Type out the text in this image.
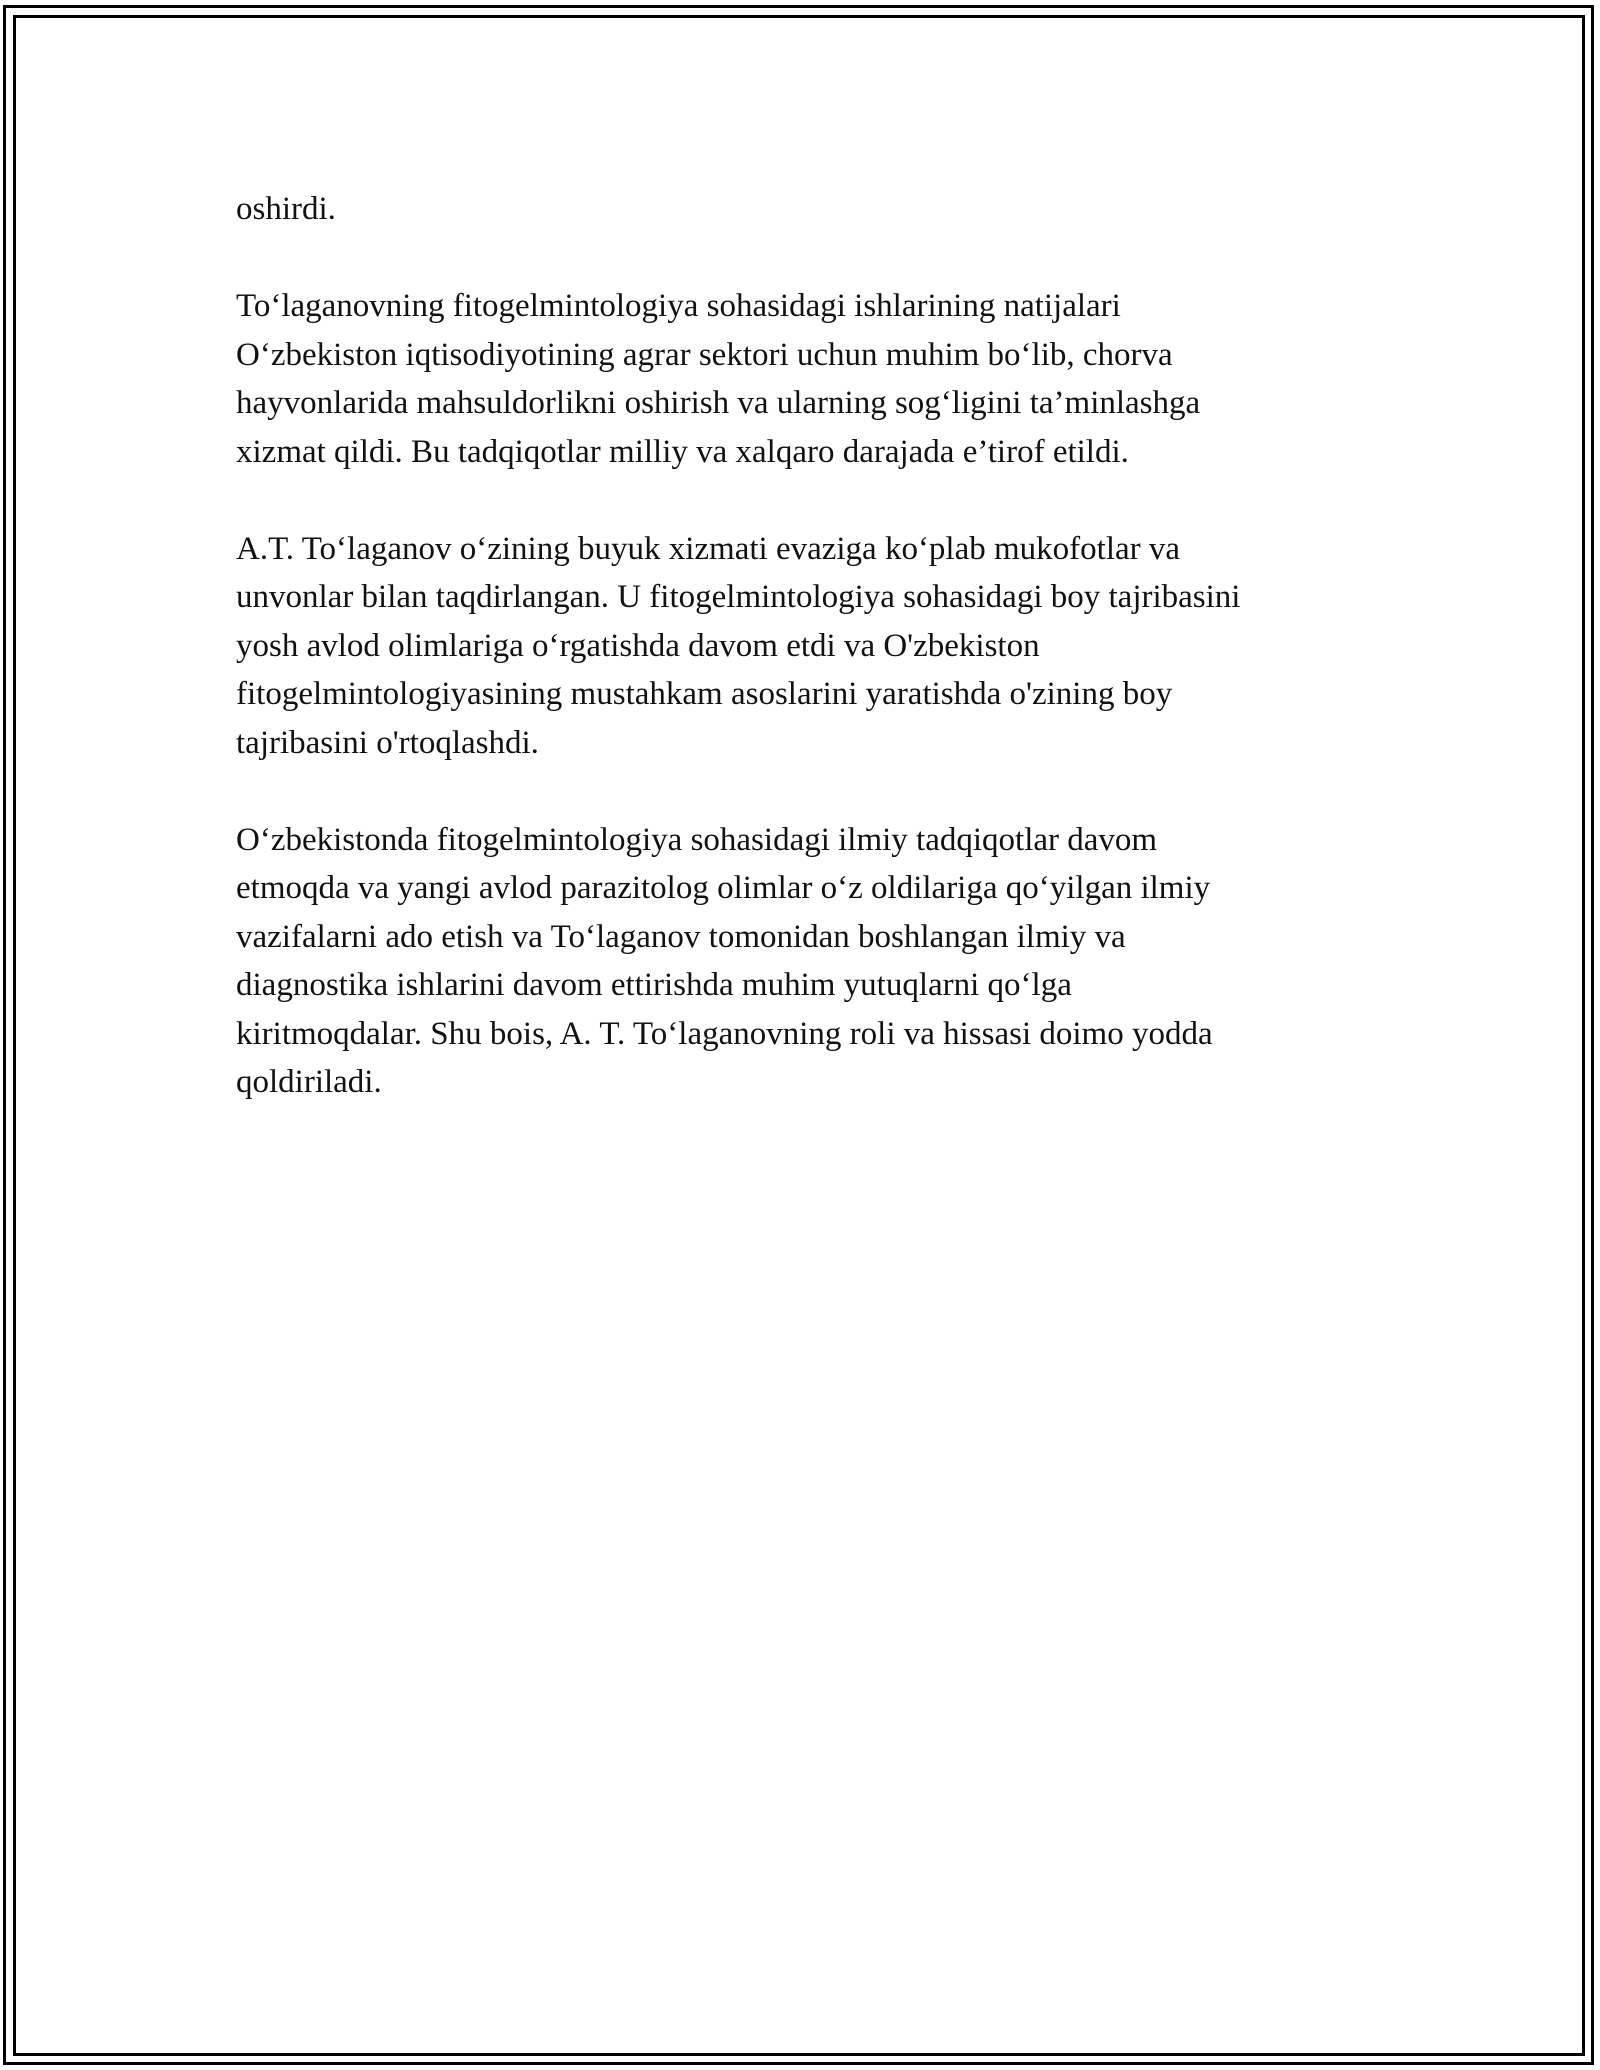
oshirdi.

To‘laganovning fitogelmintologiya sohasidagi ishlarining natijalari
O‘zbekiston iqtisodiyotining agrar sektori uchun muhim bo‘lib, chorva
hayvonlarida mahsuldorlikni oshirish va ularning sog‘ligini ta’minlashga
xizmat qildi. Bu tadqiqotlar milliy va xalqaro darajada e’tirof etildi.

A.T. To‘laganov o‘zining buyuk xizmati evaziga ko‘plab mukofotlar va
unvonlar bilan taqdirlangan. U fitogelmintologiya sohasidagi boy tajribasini
yosh avlod olimlariga o‘rgatishda davom etdi va O'zbekiston
fitogelmintologiyasining mustahkam asoslarini yaratishda o'zining boy
tajribasini o'rtoqlashdi.

O‘zbekistonda fitogelmintologiya sohasidagi ilmiy tadqiqotlar davom
etmoqda va yangi avlod parazitolog olimlar o‘z oldilariga qo‘yilgan ilmiy
vazifalarni ado etish va To‘laganov tomonidan boshlangan ilmiy va
diagnostika ishlarini davom ettirishda muhim yutuqlarni qo‘lga
kiritmoqdalar. Shu bois, A. T. To‘laganovning roli va hissasi doimo yodda
qoldiriladi.
